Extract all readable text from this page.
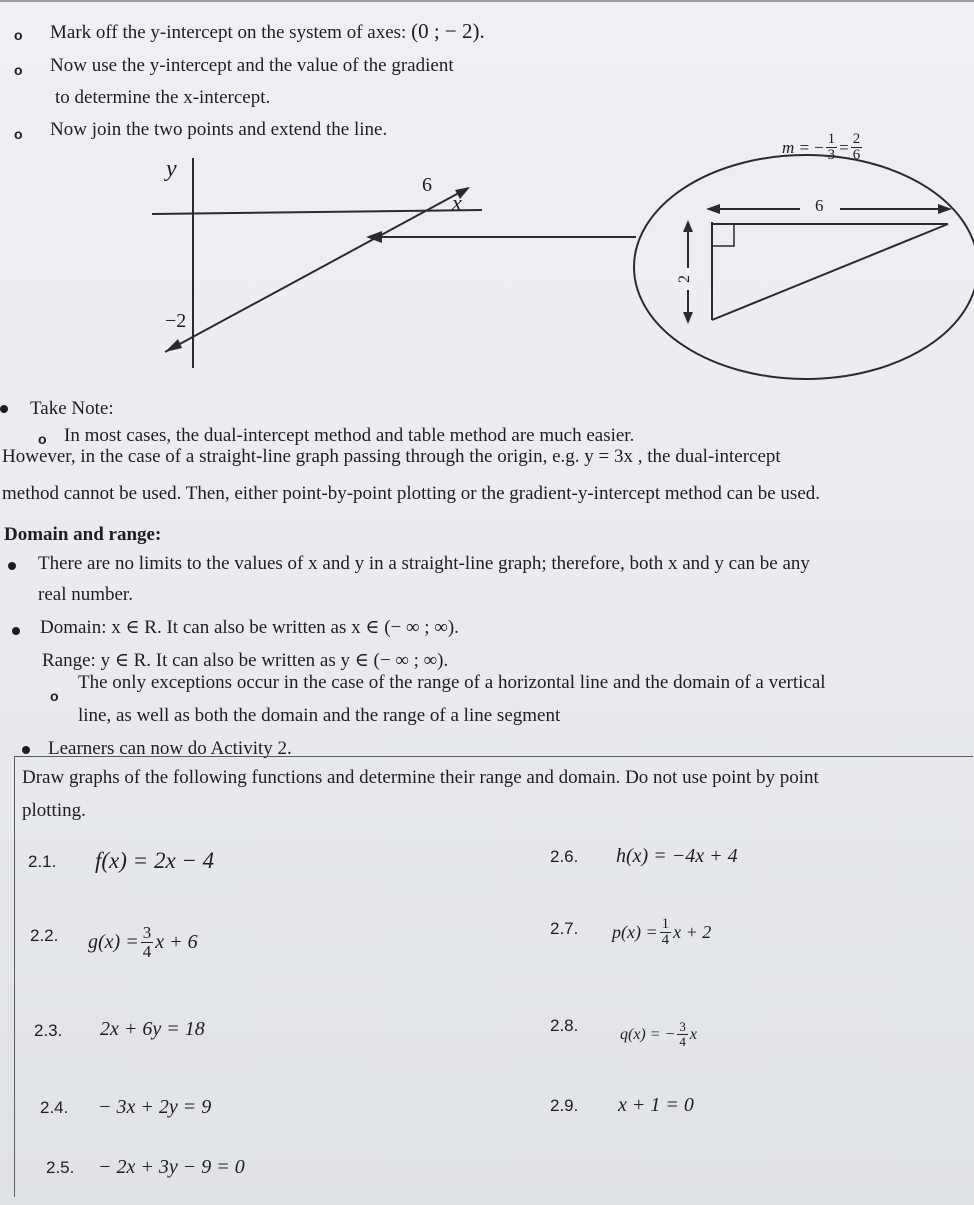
o Mark off the y-intercept on the system of axes: (0 ; − 2).
o Now use the y-intercept and the value of the gradient
to determine the x-intercept.
o Now join the two points and extend the line.
y
x
6
−2
m = − $\frac{1}{3} = \frac{2}{6}$
6
2
Take Note:
o In most cases, the dual-intercept method and table method are much easier.
However, in the case of a straight-line graph passing through the origin, e.g. y = 3x , the dual-intercept
method cannot be used. Then, either point-by-point plotting or the gradient-y-intercept method can be used.
Domain and range:
There are no limits to the values of x and y in a straight-line graph; therefore, both x and y can be any
real number.
Domain: x ∈ R. It can also be written as x ∈ (− ∞ ; ∞).
Range: y ∈ R. It can also be written as y ∈ (− ∞ ; ∞).
o
The only exceptions occur in the case of the range of a horizontal line and the domain of a vertical
line, as well as both the domain and the range of a line segment
Learners can now do Activity 2.
Draw graphs of the following functions and determine their range and domain. Do not use point by point
plotting.
2.1. f(x) = 2x − 4
2.2. $g(x) = \frac{3}{4}$ x + 6
2.3. 2x + 6y = 18
2.4. − 3x + 2y = 9
2.5. − 2x + 3y − 9 = 0
2.6. h(x) = −4x + 4
2.7. $p(x) = \frac{1}{4}$ x + 2
2.8.	q(x) = − $\frac{3}{4}$ x
2.9. x + 1 = 0
